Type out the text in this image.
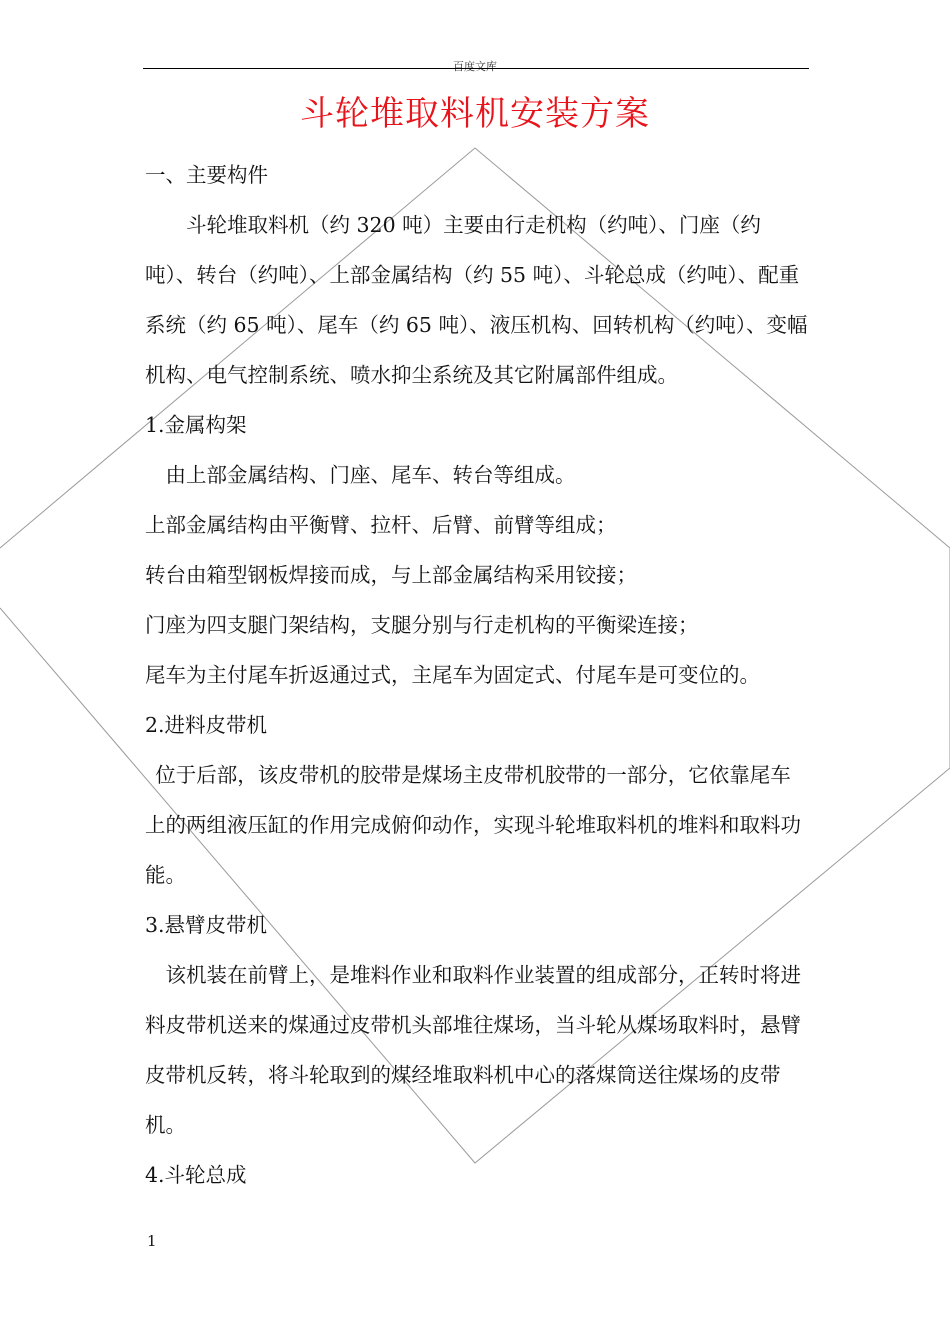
百度文库
斗轮堆取料机安装方案

一、主要构件

斗轮堆取料机（约 320 吨）主要由行走机构（约吨）、门座（约吨）、转台（约吨）、上部金属结构（约 55 吨）、斗轮总成（约吨）、配重系统（约 65 吨）、尾车（约 65 吨）、液压机构、回转机构（约吨）、变幅机构、电气控制系统、喷水抑尘系统及其它附属部件组成。

1.金属构架

由上部金属结构、门座、尾车、转台等组成。

上部金属结构由平衡臂、拉杆、后臂、前臂等组成；

转台由箱型钢板焊接而成，与上部金属结构采用铰接；

门座为四支腿门架结构，支腿分别与行走机构的平衡梁连接；

尾车为主付尾车折返通过式，主尾车为固定式、付尾车是可变位的。

2.进料皮带机

位于后部，该皮带机的胶带是煤场主皮带机胶带的一部分，它依靠尾车上的两组液压缸的作用完成俯仰动作，实现斗轮堆取料机的堆料和取料功能。

3.悬臂皮带机

该机装在前臂上，是堆料作业和取料作业装置的组成部分，正转时将进料皮带机送来的煤通过皮带机头部堆往煤场，当斗轮从煤场取料时，悬臂皮带机反转，将斗轮取到的煤经堆取料机中心的落煤筒送往煤场的皮带机。

4.斗轮总成

1
